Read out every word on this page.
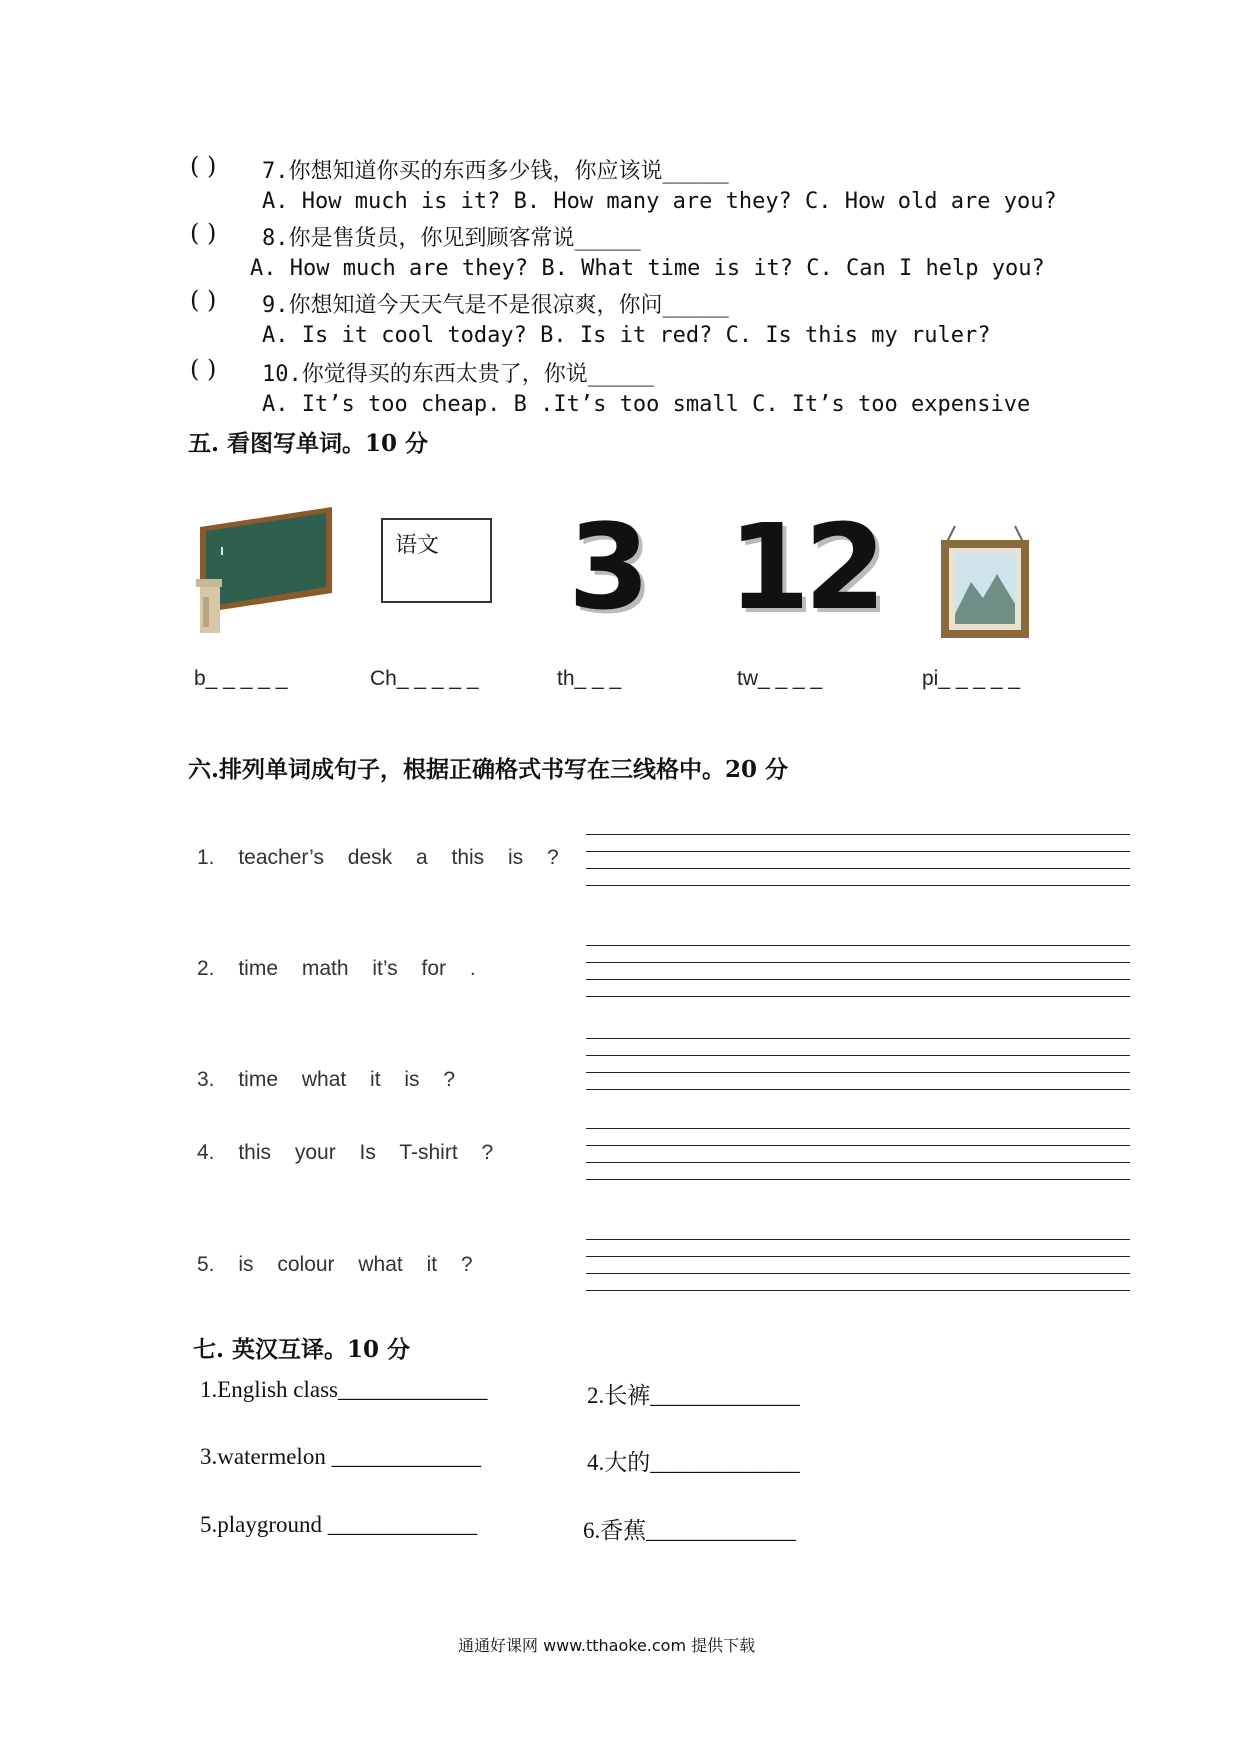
( ) 7.你想知道你买的东西多少钱，你应该说_____
A. How much is it? B. How many are they? C. How old are you?
( ) 8.你是售货员，你见到顾客常说_____
A. How much are they? B. What time is it? C. Can I help you?
( ) 9.你想知道今天天气是不是很凉爽，你问_____
A. Is it cool today? B. Is it red? C. Is this my ruler?
( ) 10.你觉得买的东西太贵了，你说_____
A. It’s too cheap. B .It’s too small C. It’s too expensive
五. 看图写单词。10 分
语文 3 12
b_ _ _ _ _	Ch_ _ _ _ _	th_ _ _	tw_ _ _ _	pi_ _ _ _ _
六.排列单词成句子，根据正确格式书写在三线格中。20 分
1. teacher’s desk a this is ?
2. time math it’s for .
3. time what it is ?
4. this your Is T-shirt ?
5. is colour what it ?
七. 英汉互译。10 分
1.English class_____________	2.长裤_____________
3.watermelon _____________	4.大的_____________
5.playground _____________	6.香蕉_____________
通通好课网 www.tthaoke.com 提供下载
